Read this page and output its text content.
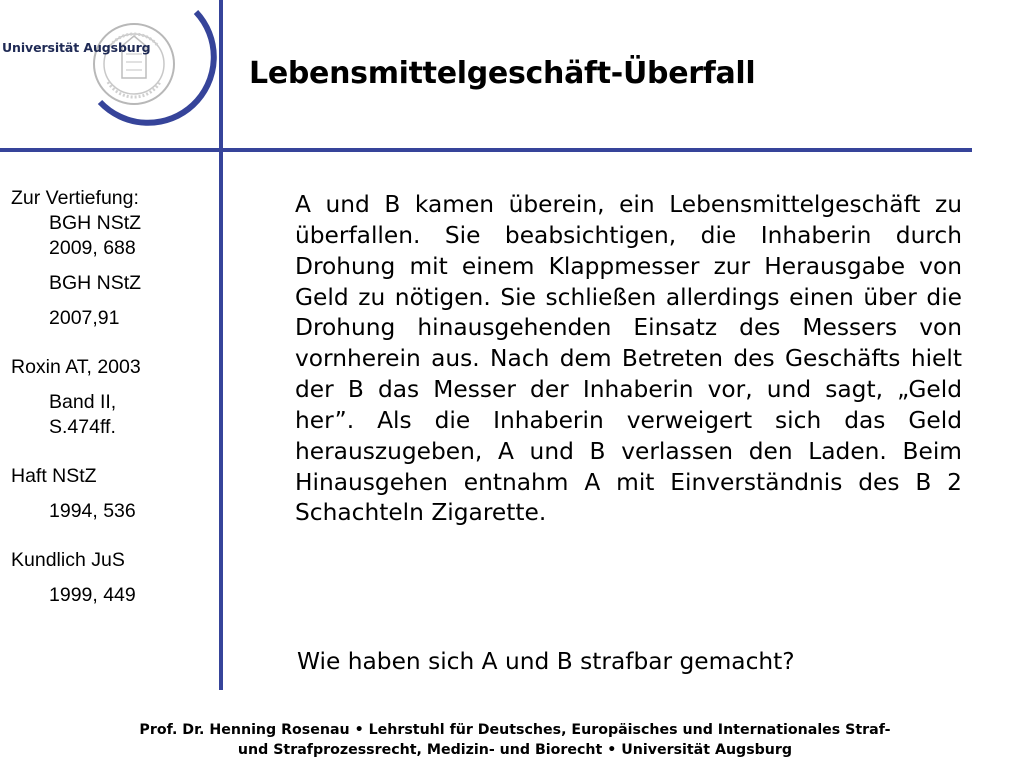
Universität Augsburg
Lebensmittelgeschäft-Überfall
Zur Vertiefung:
BGH NStZ 2009, 688
BGH NStZ
2007,91
Roxin AT, 2003
Band II, S.474ff.
Haft NStZ
1994, 536
Kundlich JuS
1999, 449
A und B kamen überein, ein Lebensmittelgeschäft zu überfallen. Sie beabsichtigen, die Inhaberin durch Drohung mit einem Klappmesser zur Herausgabe von Geld zu nötigen. Sie schließen allerdings einen über die Drohung hinausgehenden Einsatz des Messers von vornherein aus. Nach dem Betreten des Geschäfts hielt der B das Messer der Inhaberin vor, und sagt, „Geld her”. Als die Inhaberin verweigert sich das Geld herauszugeben, A und B verlassen den Laden. Beim Hinausgehen entnahm A mit Einverständnis des B 2 Schachteln Zigarette.
Wie haben sich A und B strafbar gemacht?
Prof. Dr. Henning Rosenau • Lehrstuhl für Deutsches, Europäisches und Internationales Straf-
und Strafprozessrecht, Medizin- und Biorecht • Universität Augsburg
